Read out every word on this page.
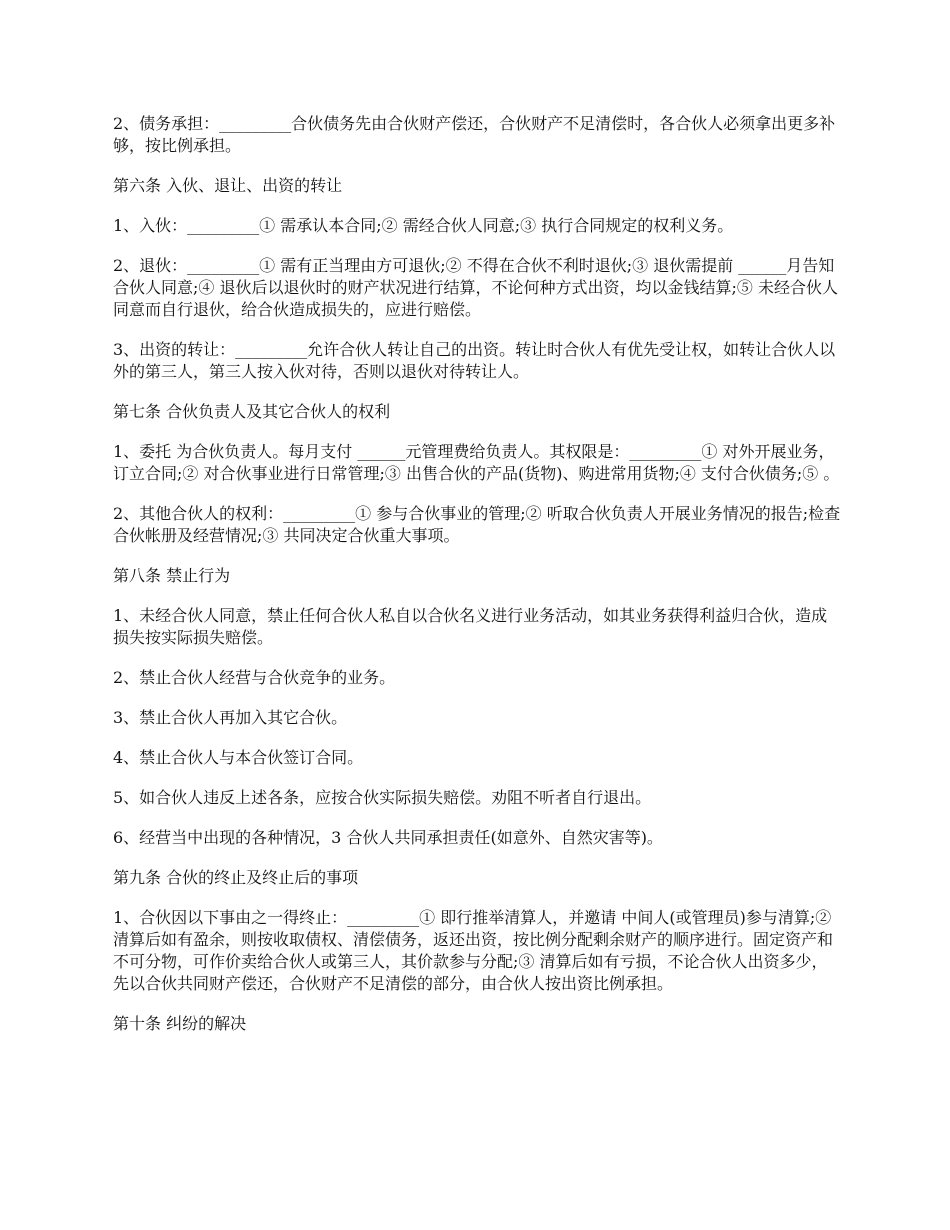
2、债务承担：_________合伙债务先由合伙财产偿还，合伙财产不足清偿时，各合伙人必须拿出更多补够，按比例承担。

第六条 入伙、退让、出资的转让

1、入伙：_________① 需承认本合同;② 需经合伙人同意;③ 执行合同规定的权利义务。

2、退伙：_________① 需有正当理由方可退伙;② 不得在合伙不利时退伙;③ 退伙需提前 ______月告知合伙人同意;④ 退伙后以退伙时的财产状况进行结算，不论何种方式出资，均以金钱结算;⑤ 未经合伙人同意而自行退伙，给合伙造成损失的，应进行赔偿。

3、出资的转让：_________允许合伙人转让自己的出资。转让时合伙人有优先受让权，如转让合伙人以外的第三人，第三人按入伙对待，否则以退伙对待转让人。

第七条 合伙负责人及其它合伙人的权利

1、委托 为合伙负责人。每月支付 ______元管理费给负责人。其权限是：_________① 对外开展业务，订立合同;② 对合伙事业进行日常管理;③ 出售合伙的产品(货物)、购进常用货物;④ 支付合伙债务;⑤ 。

2、其他合伙人的权利：_________① 参与合伙事业的管理;② 听取合伙负责人开展业务情况的报告;检查合伙帐册及经营情况;③ 共同决定合伙重大事项。

第八条 禁止行为

1、未经合伙人同意，禁止任何合伙人私自以合伙名义进行业务活动，如其业务获得利益归合伙，造成损失按实际损失赔偿。

2、禁止合伙人经营与合伙竞争的业务。

3、禁止合伙人再加入其它合伙。

4、禁止合伙人与本合伙签订合同。

5、如合伙人违反上述各条，应按合伙实际损失赔偿。劝阻不听者自行退出。

6、经营当中出现的各种情况，3 合伙人共同承担责任(如意外、自然灾害等)。

第九条 合伙的终止及终止后的事项

1、合伙因以下事由之一得终止：_________① 即行推举清算人，并邀请 中间人(或管理员)参与清算;② 清算后如有盈余，则按收取债权、清偿债务，返还出资，按比例分配剩余财产的顺序进行。固定资产和不可分物，可作价卖给合伙人或第三人，其价款参与分配;③ 清算后如有亏损，不论合伙人出资多少，先以合伙共同财产偿还，合伙财产不足清偿的部分，由合伙人按出资比例承担。

第十条 纠纷的解决
